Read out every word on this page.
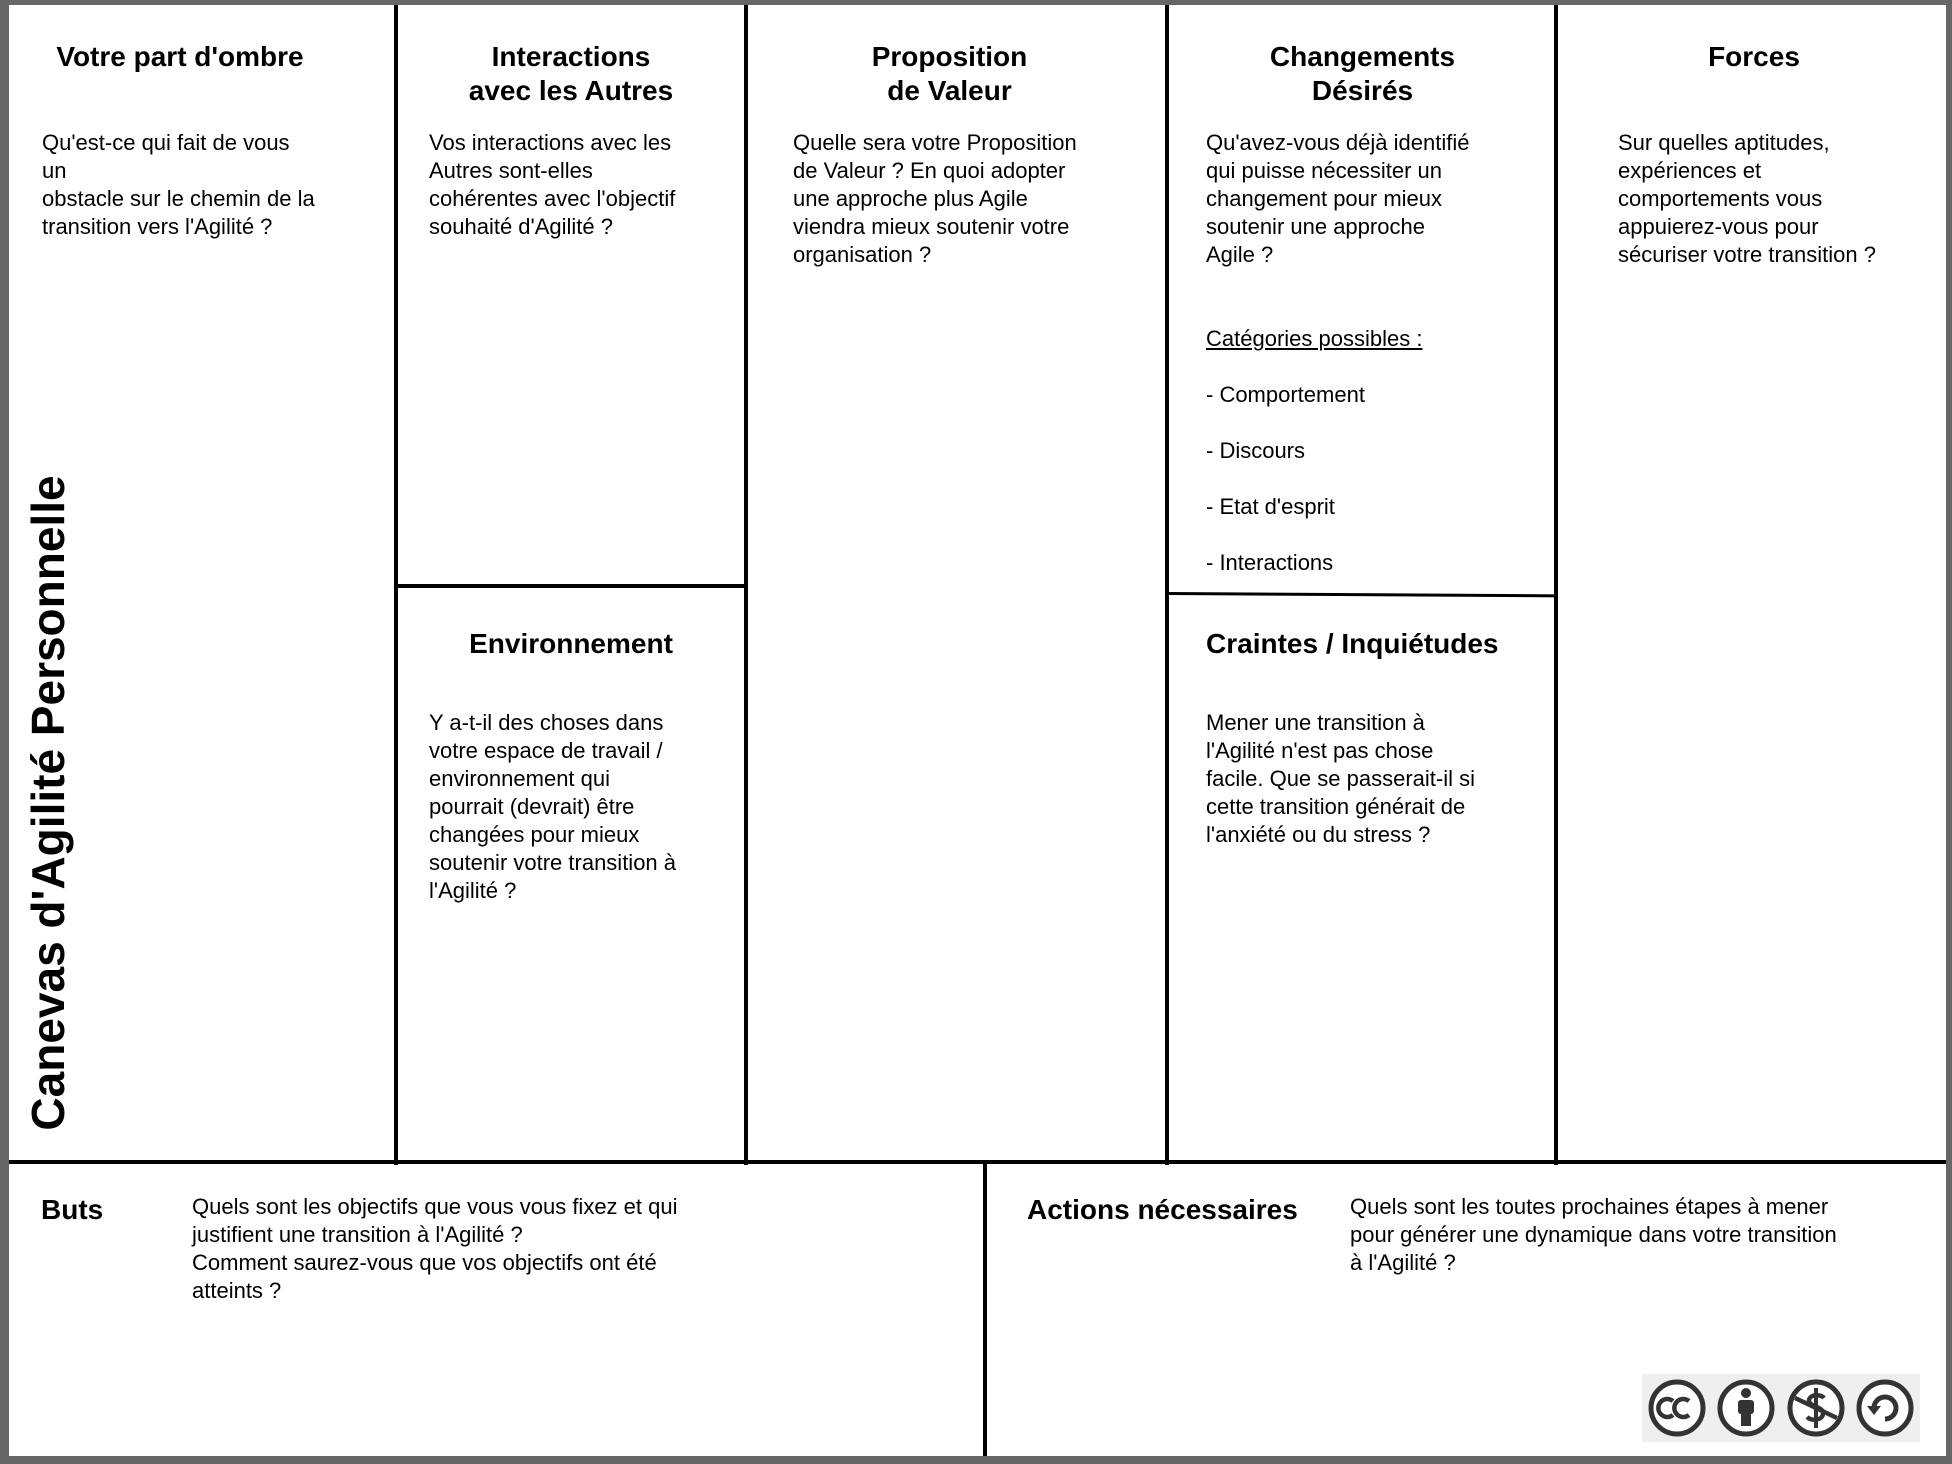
Canevas d'Agilité Personnelle
Votre part d'ombre
Qu'est-ce qui fait de vous un
obstacle sur le chemin de la
transition vers l'Agilité ?
Interactions
avec les Autres
Vos interactions avec les
Autres sont-elles
cohérentes avec l'objectif
souhaité d'Agilité ?
Environnement
Y a-t-il des choses dans
votre espace de travail /
environnement qui
pourrait (devrait) être
changées pour mieux
soutenir votre transition à
l'Agilité ?
Proposition
de Valeur
Quelle sera votre Proposition
de Valeur ? En quoi adopter
une approche plus Agile
viendra mieux soutenir votre
organisation ?
Changements
Désirés
Qu'avez-vous déjà identifié
qui puisse nécessiter un
changement pour mieux
soutenir une approche
Agile ?

Catégories possibles :

- Comportement

- Discours

- Etat d'esprit

- Interactions

Craintes / Inquiétudes
Mener une transition à
l'Agilité n'est pas chose
facile. Que se passerait-il si
cette transition générait de
l'anxiété ou du stress ?
Forces
Sur quelles aptitudes,
expériences et
comportements vous
appuierez-vous pour
sécuriser votre transition ?
Buts	Quels sont les objectifs que vous vous fixez et qui
justifient une transition à l'Agilité ?
Comment saurez-vous que vos objectifs ont été
atteints ?
Actions nécessaires Quels sont les toutes prochaines étapes à mener
pour générer une dynamique dans votre transition
à l'Agilité ?
